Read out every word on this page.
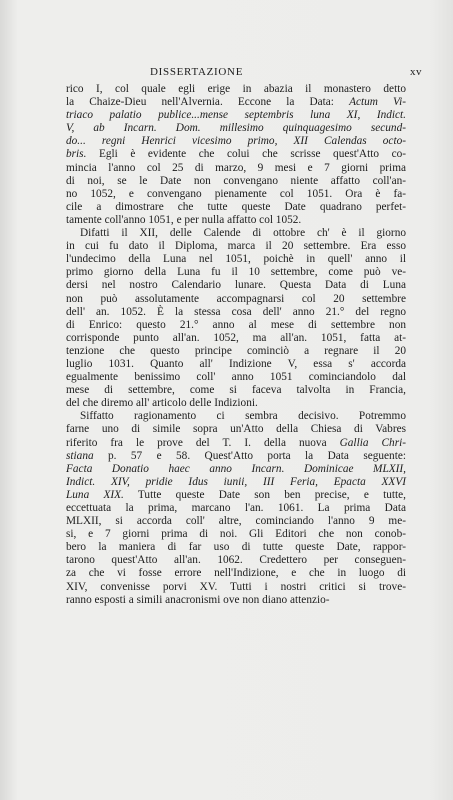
DISSERTAZIONE	xv
rico I, col quale egli erige in abazia il monastero detto
la Chaize-Dieu nell'Alvernia. Eccone la Data: Actum Vi-
triaco palatio publice...mense septembris luna XI, Indict.
V, ab Incarn. Dom. millesimo quinquagesimo secund-
do... regni Henrici vicesimo primo, XII Calendas octo-
bris. Egli è evidente che colui che scrisse quest'Atto co-
mincia l'anno col 25 di marzo, 9 mesi e 7 giorni prima
di noi, se le Date non convengano niente affatto coll'an-
no 1052, e convengano pienamente col 1051. Ora è fa-
cile a dimostrare che tutte queste Date quadrano perfet-
tamente coll'anno 1051, e per nulla affatto col 1052.
Difatti il XII, delle Calende di ottobre ch' è il giorno
in cui fu dato il Diploma, marca il 20 settembre. Era esso
l'undecimo della Luna nel 1051, poichè in quell' anno il
primo giorno della Luna fu il 10 settembre, come può ve-
dersi nel nostro Calendario lunare. Questa Data di Luna
non può assolutamente accompagnarsi col 20 settembre
dell' an. 1052. È la stessa cosa dell' anno 21.° del regno
di Enrico: questo 21.° anno al mese di settembre non
corrisponde punto all'an. 1052, ma all'an. 1051, fatta at-
tenzione che questo principe cominciò a regnare il 20
luglio 1031. Quanto all' Indizione V, essa s' accorda
egualmente benissimo coll' anno 1051 cominciandolo dal
mese di settembre, come si faceva talvolta in Francia,
del che diremo all' articolo delle Indizioni.
Siffatto ragionamento ci sembra decisivo. Potremmo
farne uno di simile sopra un'Atto della Chiesa di Vabres
riferito fra le prove del T. I. della nuova Gallia Chri-
stiana p. 57 e 58. Quest'Atto porta la Data seguente:
Facta Donatio haec anno Incarn. Dominicae MLXII,
Indict. XIV, pridie Idus iunii, III Feria, Epacta XXVI
Luna XIX. Tutte queste Date son ben precise, e tutte,
eccettuata la prima, marcano l'an. 1061. La prima Data
MLXII, si accorda coll' altre, cominciando l'anno 9 me-
si, e 7 giorni prima di noi. Gli Editori che non conob-
bero la maniera di far uso di tutte queste Date, rappor-
tarono quest'Atto all'an. 1062. Credettero per conseguen-
za che vi fosse errore nell'Indizione, e che in luogo di
XIV, convenisse porvi XV. Tutti i nostri critici si trove-
ranno esposti a simili anacronismi ove non diano attenzio-
